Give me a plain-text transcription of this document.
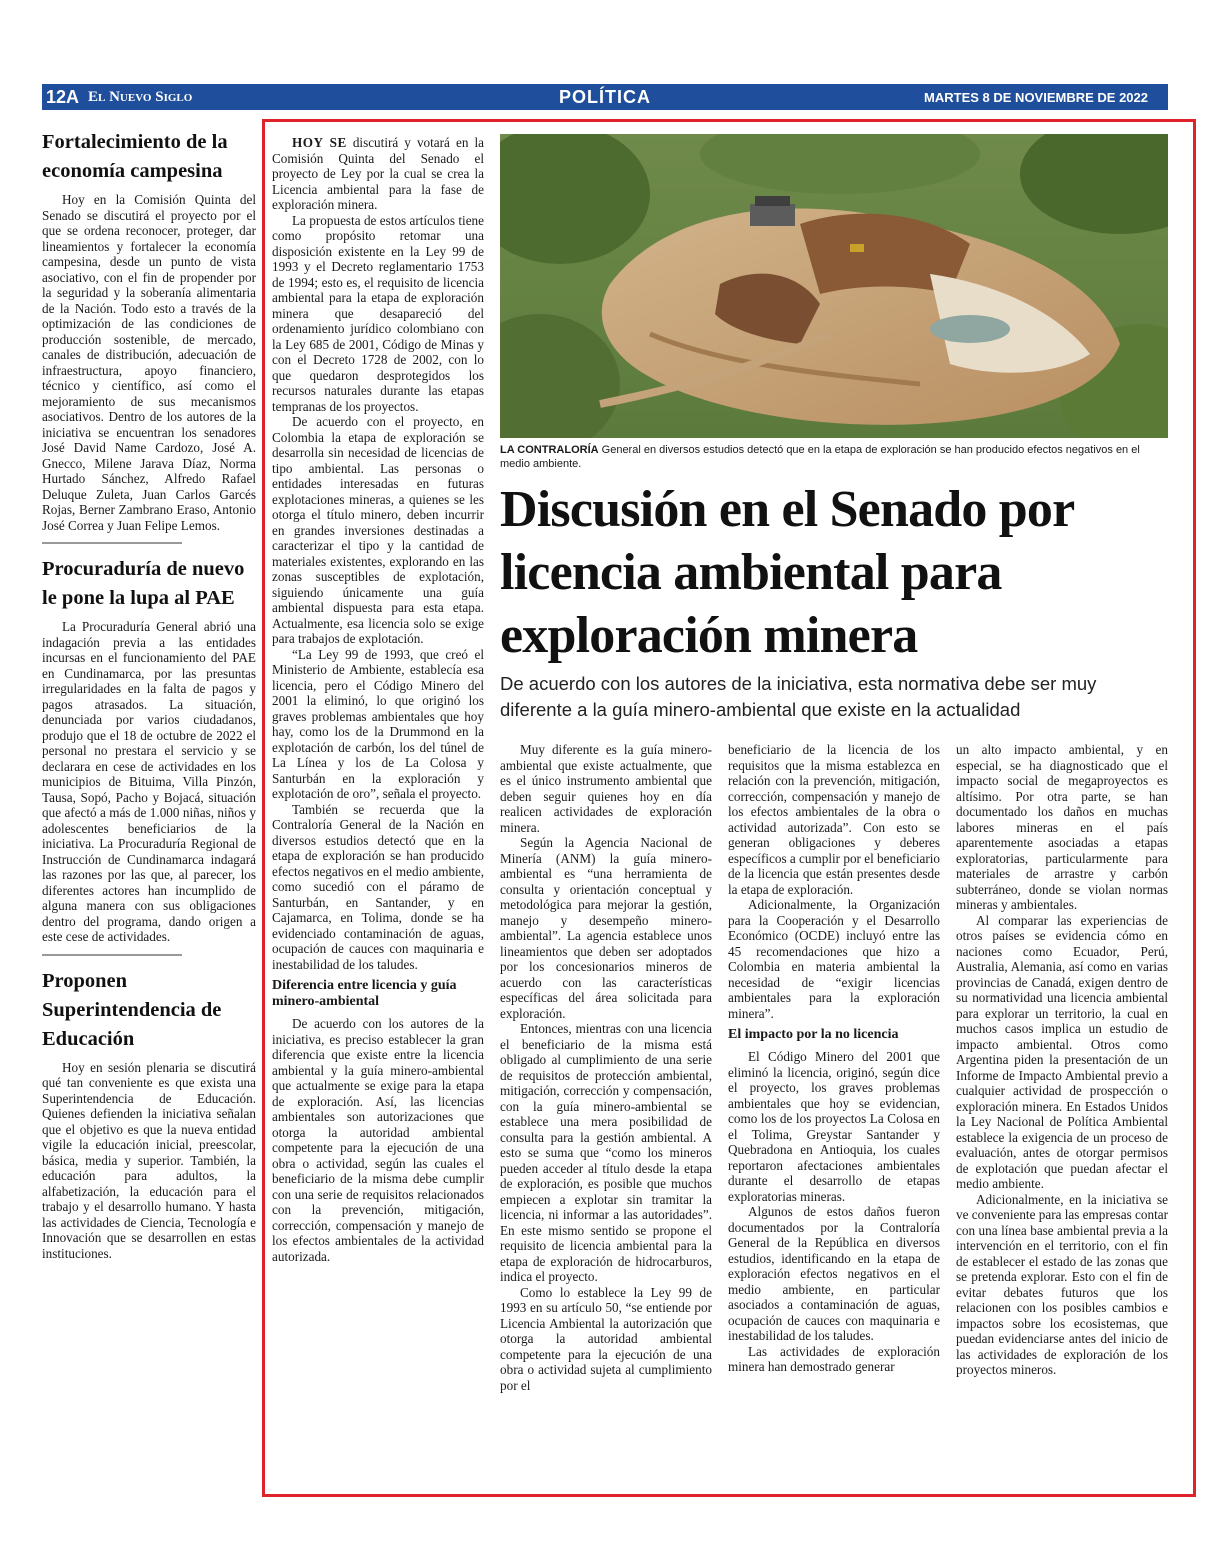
12A El Nuevo Siglo	POLÍTICA	MARTES 8 DE NOVIEMBRE DE 2022
Fortalecimiento de la economía campesina

Hoy en la Comisión Quinta del Senado se discutirá el proyecto por el que se ordena reconocer, proteger, dar lineamientos y fortalecer la economía campesina, desde un punto de vista asociativo, con el fin de propender por la seguridad y la soberanía alimentaria de la Nación. Todo esto a través de la optimización de las condiciones de producción sostenible, de mercado, canales de distribución, adecuación de infraestructura, apoyo financiero, técnico y científico, así como el mejoramiento de sus mecanismos asociativos. Dentro de los autores de la iniciativa se encuentran los senadores José David Name Cardozo, José A. Gnecco, Milene Jarava Díaz, Norma Hurtado Sánchez, Alfredo Rafael Deluque Zuleta, Juan Carlos Garcés Rojas, Berner Zambrano Eraso, Antonio José Correa y Juan Felipe Lemos.

Procuraduría de nuevo le pone la lupa al PAE

La Procuraduría General abrió una indagación previa a las entidades incursas en el funcionamiento del PAE en Cundinamarca, por las presuntas irregularidades en la falta de pagos y pagos atrasados. La situación, denunciada por varios ciudadanos, produjo que el 18 de octubre de 2022 el personal no prestara el servicio y se declarara en cese de actividades en los municipios de Bituima, Villa Pinzón, Tausa, Sopó, Pacho y Bojacá, situación que afectó a más de 1.000 niñas, niños y adolescentes beneficiarios de la iniciativa. La Procuraduría Regional de Instrucción de Cundinamarca indagará las razones por las que, al parecer, los diferentes actores han incumplido de alguna manera con sus obligaciones dentro del programa, dando origen a este cese de actividades.

Proponen Superintendencia de Educación

Hoy en sesión plenaria se discutirá qué tan conveniente es que exista una Superintendencia de Educación. Quienes defienden la iniciativa señalan que el objetivo es que la nueva entidad vigile la educación inicial, preescolar, básica, media y superior. También, la educación para adultos, la alfabetización, la educación para el trabajo y el desarrollo humano. Y hasta las actividades de Ciencia, Tecnología e Innovación que se desarrollen en estas instituciones.

HOY SE discutirá y votará en la Comisión Quinta del Senado el proyecto de Ley por la cual se crea la Licencia ambiental para la fase de exploración minera.

La propuesta de estos artículos tiene como propósito retomar una disposición existente en la Ley 99 de 1993 y el Decreto reglamentario 1753 de 1994; esto es, el requisito de licencia ambiental para la etapa de exploración minera que desapareció del ordenamiento jurídico colombiano con la Ley 685 de 2001, Código de Minas y con el Decreto 1728 de 2002, con lo que quedaron desprotegidos los recursos naturales durante las etapas tempranas de los proyectos.

De acuerdo con el proyecto, en Colombia la etapa de exploración se desarrolla sin necesidad de licencias de tipo ambiental. Las personas o entidades interesadas en futuras explotaciones mineras, a quienes se les otorga el título minero, deben incurrir en grandes inversiones destinadas a caracterizar el tipo y la cantidad de materiales existentes, explorando en las zonas susceptibles de explotación, siguiendo únicamente una guía ambiental dispuesta para esta etapa. Actualmente, esa licencia solo se exige para trabajos de explotación.

“La Ley 99 de 1993, que creó el Ministerio de Ambiente, establecía esa licencia, pero el Código Minero del 2001 la eliminó, lo que originó los graves problemas ambientales que hoy hay, como los de la Drummond en la explotación de carbón, los del túnel de La Línea y los de La Colosa y Santurbán en la exploración y explotación de oro”, señala el proyecto.

También se recuerda que la Contraloría General de la Nación en diversos estudios detectó que en la etapa de exploración se han producido efectos negativos en el medio ambiente, como sucedió con el páramo de Santurbán, en Santander, y en Cajamarca, en Tolima, donde se ha evidenciado contaminación de aguas, ocupación de cauces con maquinaria e inestabilidad de los taludes.

Diferencia entre licencia y guía minero-ambiental

De acuerdo con los autores de la iniciativa, es preciso establecer la gran diferencia que existe entre la licencia ambiental y la guía minero-ambiental que actualmente se exige para la etapa de exploración. Así, las licencias ambientales son autorizaciones que otorga la autoridad ambiental competente para la ejecución de una obra o actividad, según las cuales el beneficiario de la misma debe cumplir con una serie de requisitos relacionados con la prevención, mitigación, corrección, compensación y manejo de los efectos ambientales de la actividad autorizada.

LA CONTRALORÍA General en diversos estudios detectó que en la etapa de exploración se han producido efectos negativos en el medio ambiente.
Discusión en el Senado por licencia ambiental para exploración minera

De acuerdo con los autores de la iniciativa, esta normativa debe ser muy diferente a la guía minero-ambiental que existe en la actualidad

Muy diferente es la guía minero-ambiental que existe actualmente, que es el único instrumento ambiental que deben seguir quienes hoy en día realicen actividades de exploración minera.

Según la Agencia Nacional de Minería (ANM) la guía minero-ambiental es “una herramienta de consulta y orientación conceptual y metodológica para mejorar la gestión, manejo y desempeño minero-ambiental”. La agencia establece unos lineamientos que deben ser adoptados por los concesionarios mineros de acuerdo con las características específicas del área solicitada para exploración.

Entonces, mientras con una licencia el beneficiario de la misma está obligado al cumplimiento de una serie de requisitos de protección ambiental, mitigación, corrección y compensación, con la guía minero-ambiental se establece una mera posibilidad de consulta para la gestión ambiental. A esto se suma que “como los mineros pueden acceder al título desde la etapa de exploración, es posible que muchos empiecen a explotar sin tramitar la licencia, ni informar a las autoridades”. En este mismo sentido se propone el requisito de licencia ambiental para la etapa de exploración de hidrocarburos, indica el proyecto.

Como lo establece la Ley 99 de 1993 en su artículo 50, “se entiende por Licencia Ambiental la autorización que otorga la autoridad ambiental competente para la ejecución de una obra o actividad sujeta al cumplimiento por el

beneficiario de la licencia de los requisitos que la misma establezca en relación con la prevención, mitigación, corrección, compensación y manejo de los efectos ambientales de la obra o actividad autorizada”. Con esto se generan obligaciones y deberes específicos a cumplir por el beneficiario de la licencia que están presentes desde la etapa de exploración.

Adicionalmente, la Organización para la Cooperación y el Desarrollo Económico (OCDE) incluyó entre las 45 recomendaciones que hizo a Colombia en materia ambiental la necesidad de “exigir licencias ambientales para la exploración minera”.

El impacto por la no licencia

El Código Minero del 2001 que eliminó la licencia, originó, según dice el proyecto, los graves problemas ambientales que hoy se evidencian, como los de los proyectos La Colosa en el Tolima, Greystar Santander y Quebradona en Antioquia, los cuales reportaron afectaciones ambientales durante el desarrollo de etapas exploratorias mineras.

Algunos de estos daños fueron documentados por la Contraloría General de la República en diversos estudios, identificando en la etapa de exploración efectos negativos en el medio ambiente, en particular asociados a contaminación de aguas, ocupación de cauces con maquinaria e inestabilidad de los taludes.

Las actividades de exploración minera han demostrado generar

un alto impacto ambiental, y en especial, se ha diagnosticado que el impacto social de megaproyectos es altísimo. Por otra parte, se han documentado los daños en muchas labores mineras en el país aparentemente asociadas a etapas exploratorias, particularmente para materiales de arrastre y carbón subterráneo, donde se violan normas mineras y ambientales.

Al comparar las experiencias de otros países se evidencia cómo en naciones como Ecuador, Perú, Australia, Alemania, así como en varias provincias de Canadá, exigen dentro de su normatividad una licencia ambiental para explorar un territorio, la cual en muchos casos implica un estudio de impacto ambiental. Otros como Argentina piden la presentación de un Informe de Impacto Ambiental previo a cualquier actividad de prospección o exploración minera. En Estados Unidos la Ley Nacional de Política Ambiental establece la exigencia de un proceso de evaluación, antes de otorgar permisos de explotación que puedan afectar el medio ambiente.

Adicionalmente, en la iniciativa se ve conveniente para las empresas contar con una línea base ambiental previa a la intervención en el territorio, con el fin de establecer el estado de las zonas que se pretenda explorar. Esto con el fin de evitar debates futuros que los relacionen con los posibles cambios e impactos sobre los ecosistemas, que puedan evidenciarse antes del inicio de las actividades de exploración de los proyectos mineros.
